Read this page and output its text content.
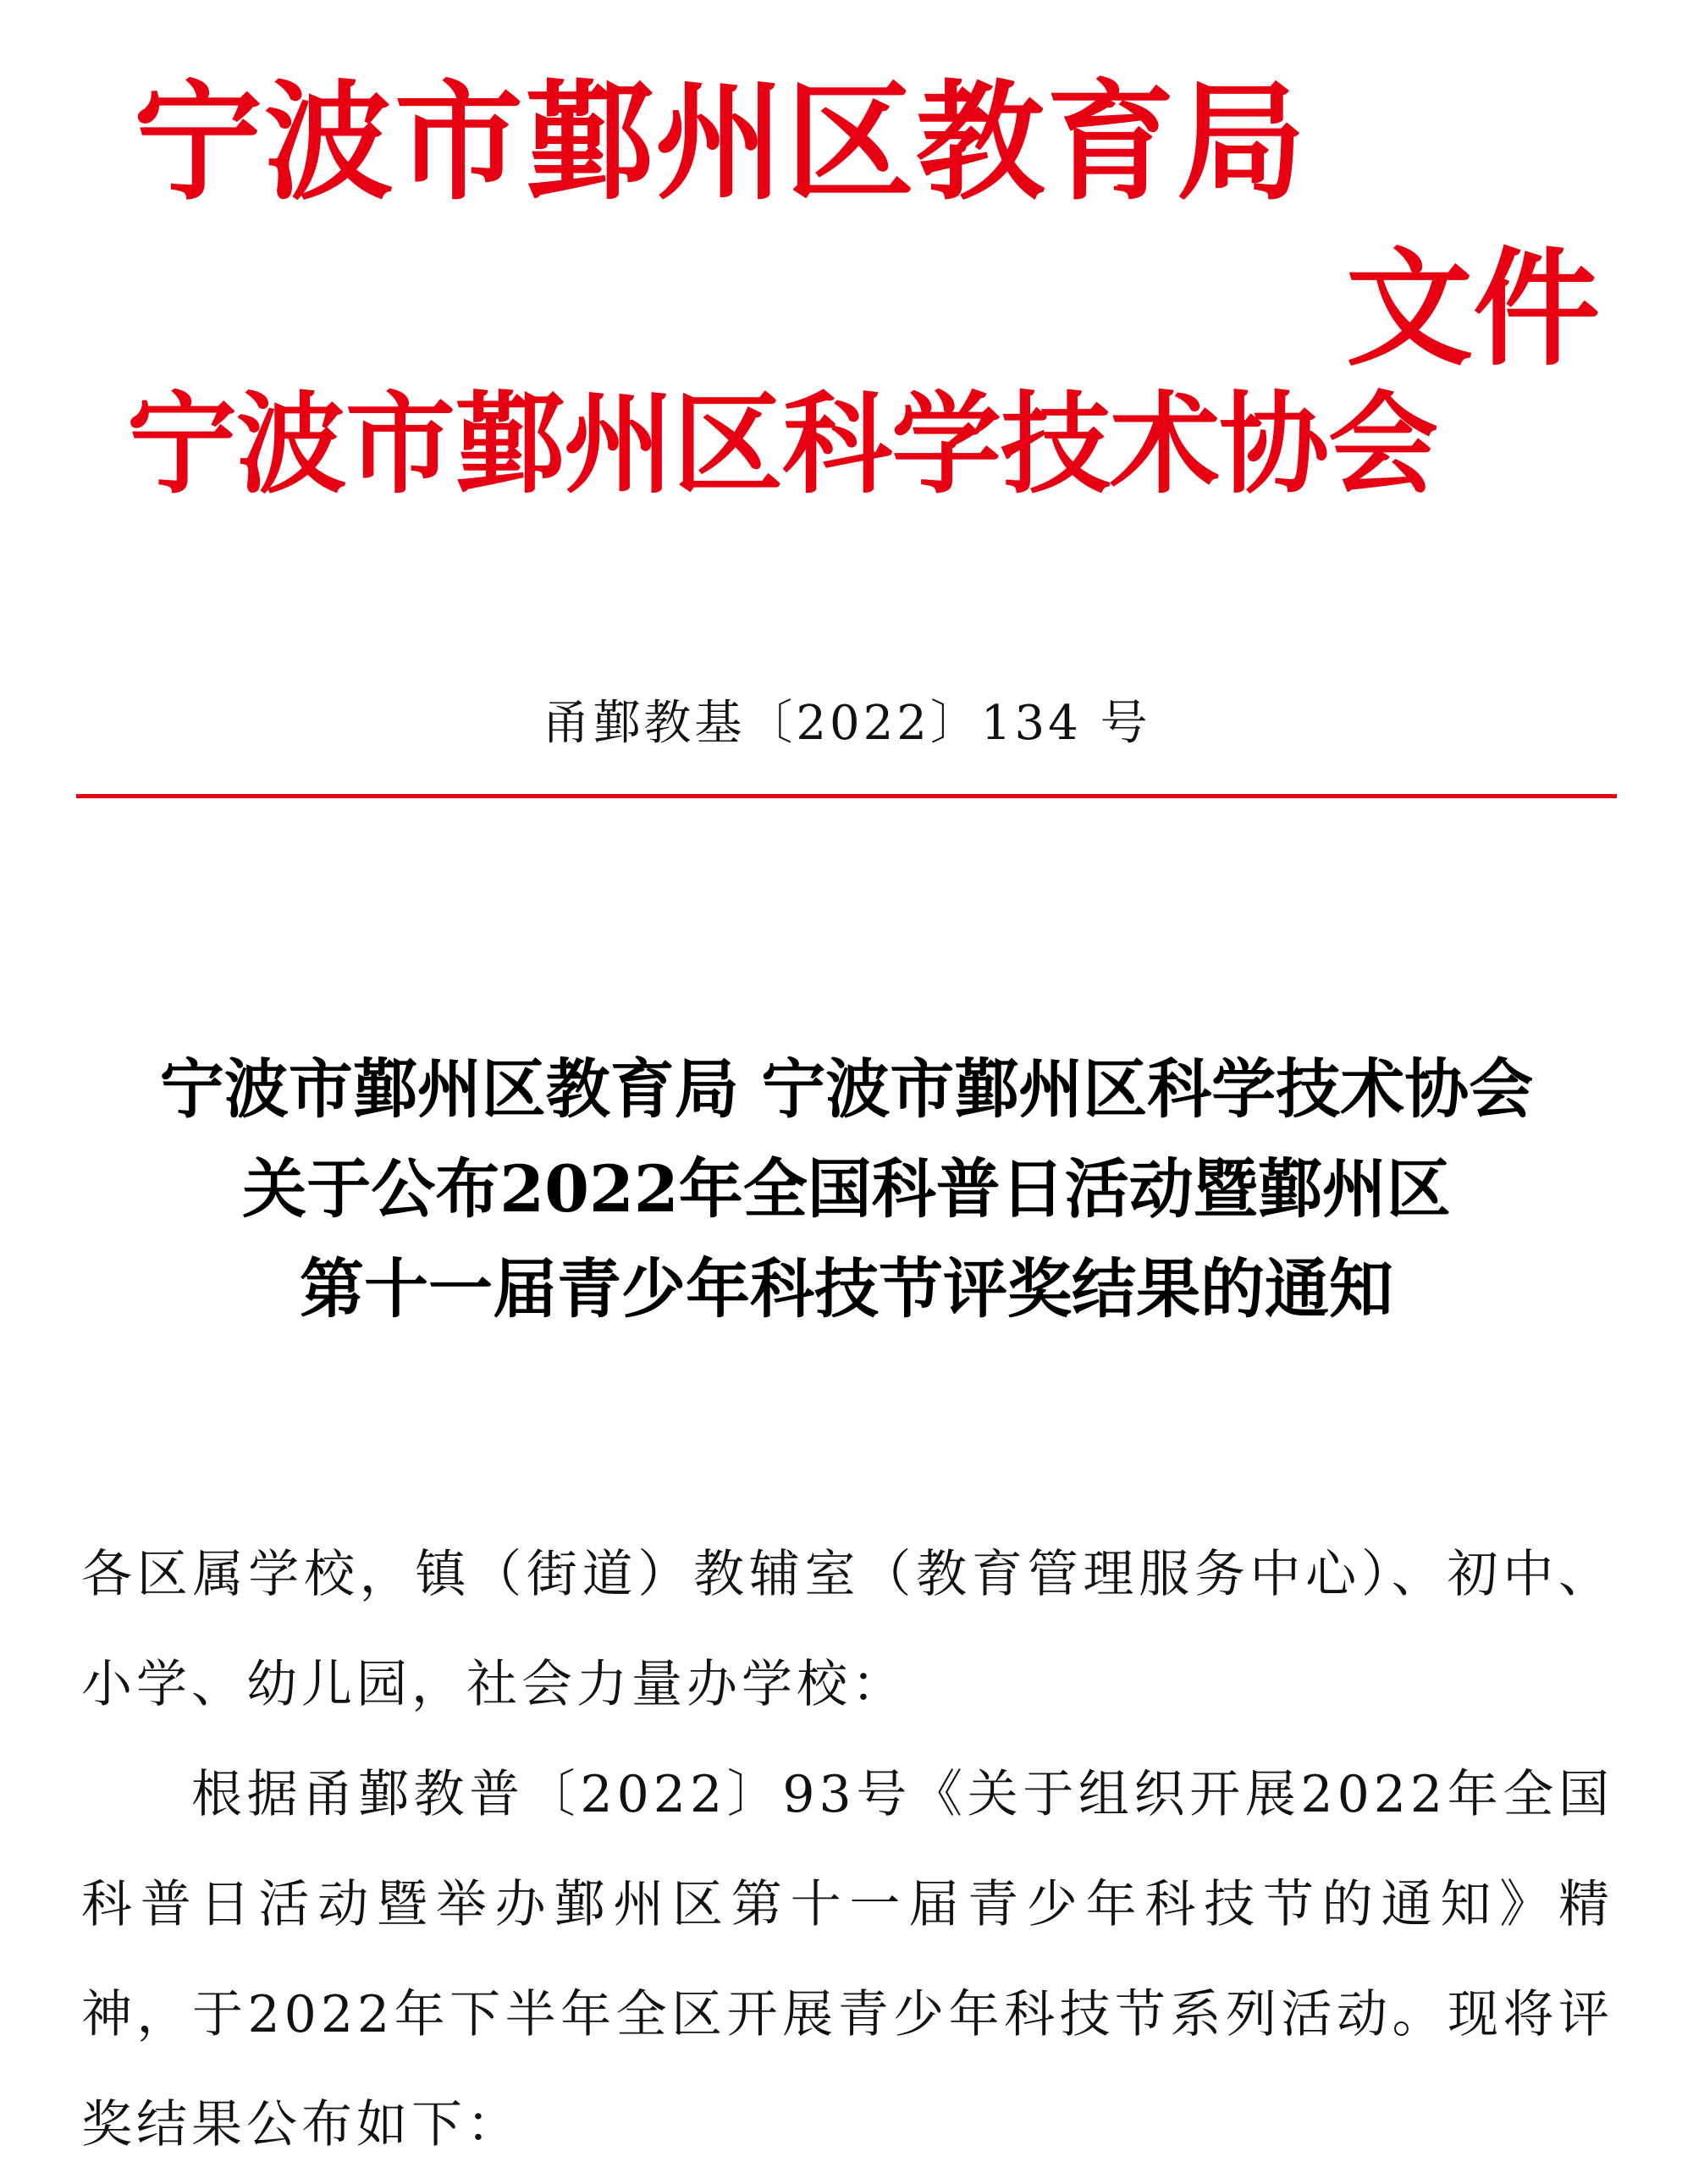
宁波市鄞州区教育局
文件
宁波市鄞州区科学技术协会
甬鄞教基〔2022〕134 号
宁波市鄞州区教育局 宁波市鄞州区科学技术协会
关于公布2022年全国科普日活动暨鄞州区
第十一届青少年科技节评奖结果的通知

各区属学校，镇（街道）教辅室（教育管理服务中心）、初中、小学、幼儿园，社会力量办学校：

根据甬鄞教普〔2022〕93号《关于组织开展2022年全国科普日活动暨举办鄞州区第十一届青少年科技节的通知》精神，于2022年下半年全区开展青少年科技节系列活动。现将评奖结果公布如下：
